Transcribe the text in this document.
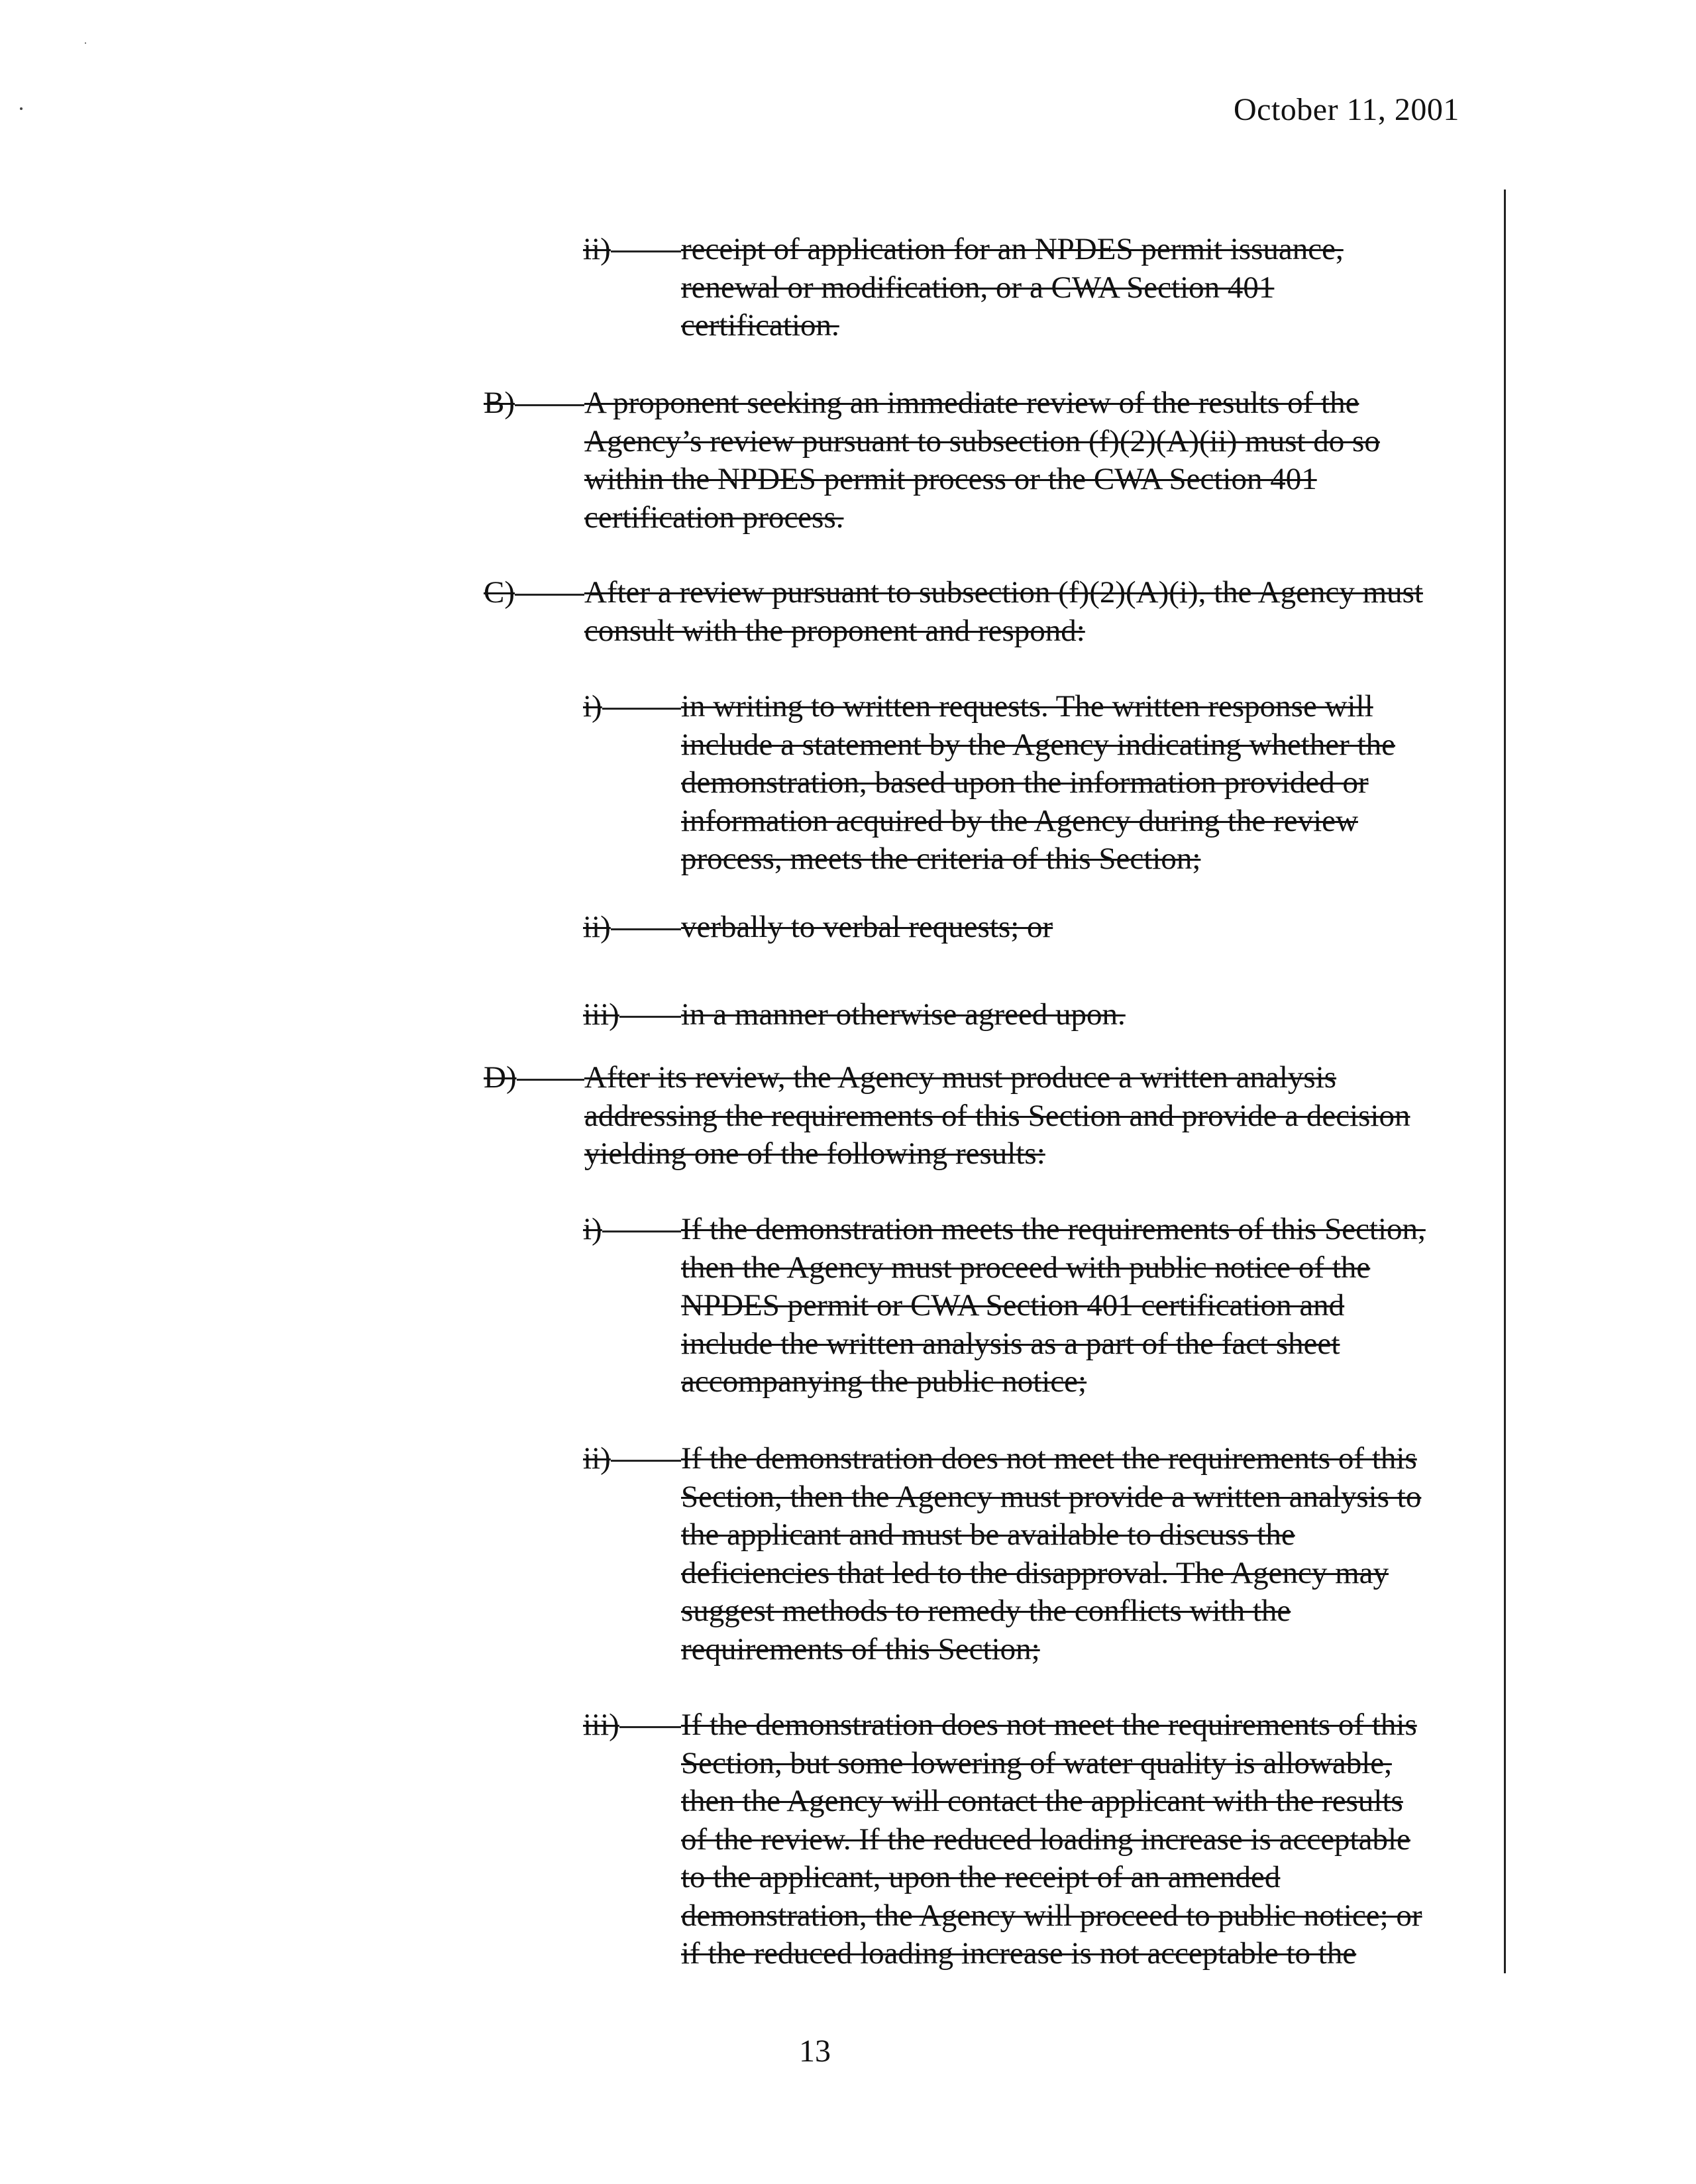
October 11, 2001
ii) receipt of application for an NPDES permit issuance,

renewal or modification, or a CWA Section 401

certification.

B) A proponent seeking an immediate review of the results of the

Agency’s review pursuant to subsection (f)(2)(A)(ii) must do so

within the NPDES permit process or the CWA Section 401

certification process.

C) After a review pursuant to subsection (f)(2)(A)(i), the Agency must

consult with the proponent and respond:

i)	in writing to written requests. The written response will

include a statement by the Agency indicating whether the

demonstration, based upon the information provided or

information acquired by the Agency during the review

process, meets the criteria of this Section;

ii) verbally to verbal requests; or

iii) in a manner otherwise agreed upon.

D) After its review, the Agency must produce a written analysis

addressing the requirements of this Section and provide a decision

yielding one of the following results:

i)	If the demonstration meets the requirements of this Section,

then the Agency must proceed with public notice of the

NPDES permit or CWA Section 401 certification and

include the written analysis as a part of the fact sheet

accompanying the public notice;

ii) If the demonstration does not meet the requirements of this

Section, then the Agency must provide a written analysis to

the applicant and must be available to discuss the

deficiencies that led to the disapproval. The Agency may

suggest methods to remedy the conflicts with the

requirements of this Section;

iii) If the demonstration does not meet the requirements of this

Section, but some lowering of water quality is allowable,

then the Agency will contact the applicant with the results

of the review. If the reduced loading increase is acceptable

to the applicant, upon the receipt of an amended

demonstration, the Agency will proceed to public notice; or

if the reduced loading increase is not acceptable to the

13
